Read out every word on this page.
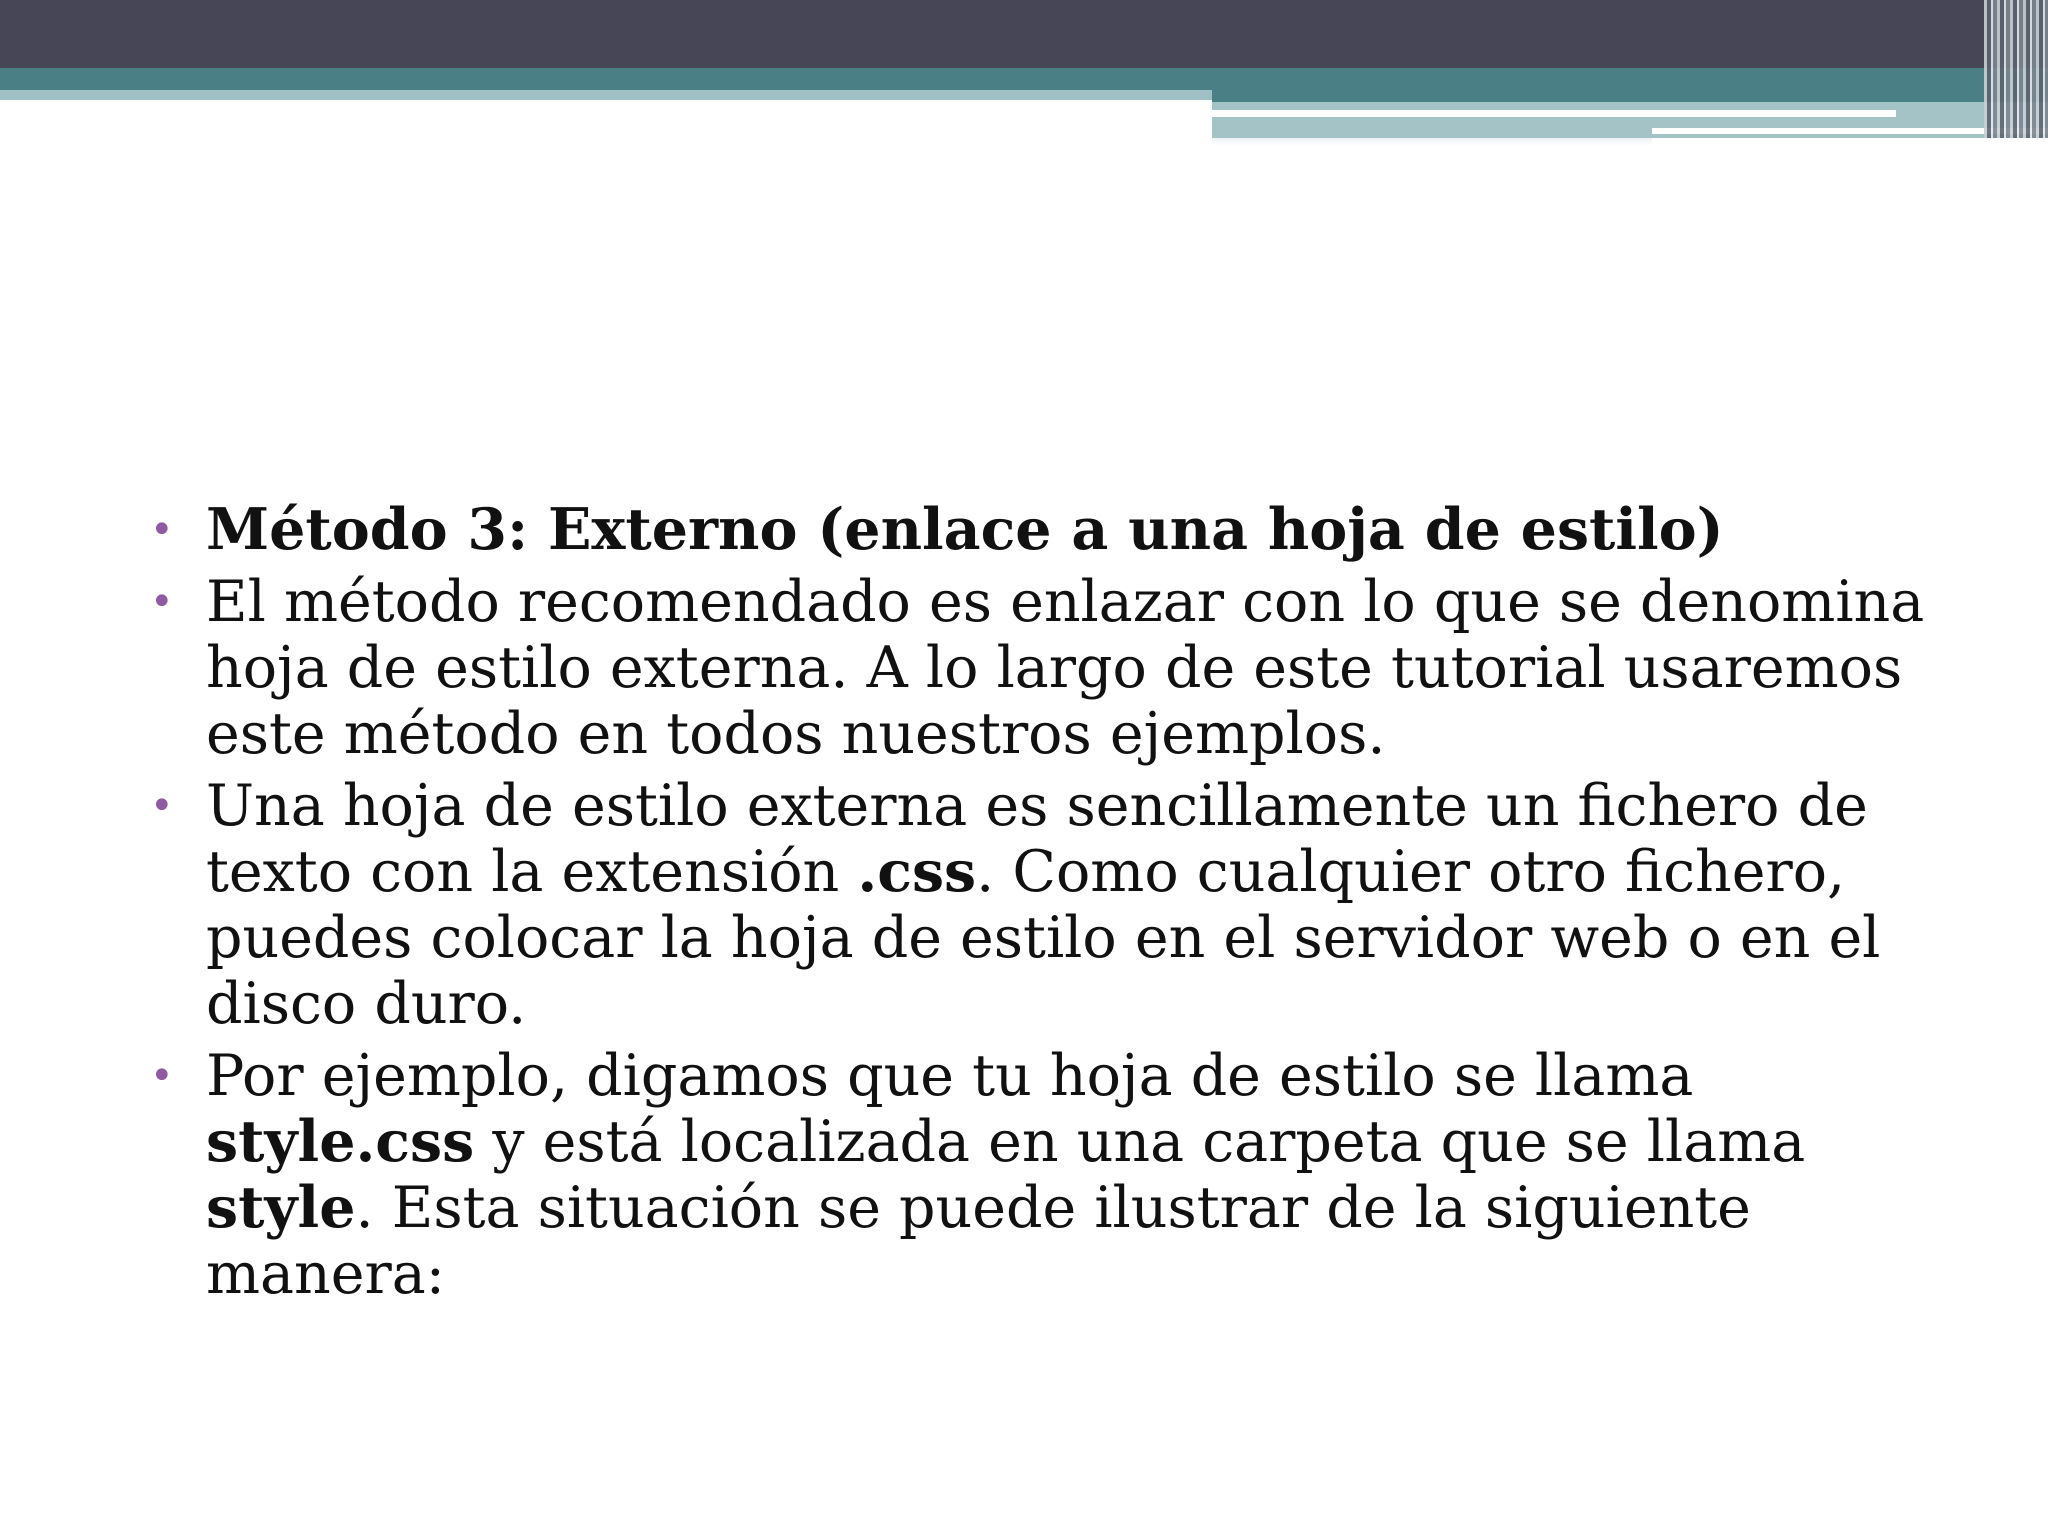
• Método 3: Externo (enlace a una hoja de estilo)
• El método recomendado es enlazar con lo que se denomina hoja de estilo externa. A lo largo de este tutorial usaremos este método en todos nuestros ejemplos.
• Una hoja de estilo externa es sencillamente un fichero de texto con la extensión .css. Como cualquier otro fichero, puedes colocar la hoja de estilo en el servidor web o en el disco duro.
• Por ejemplo, digamos que tu hoja de estilo se llama style.css y está localizada en una carpeta que se llama style. Esta situación se puede ilustrar de la siguiente manera:
